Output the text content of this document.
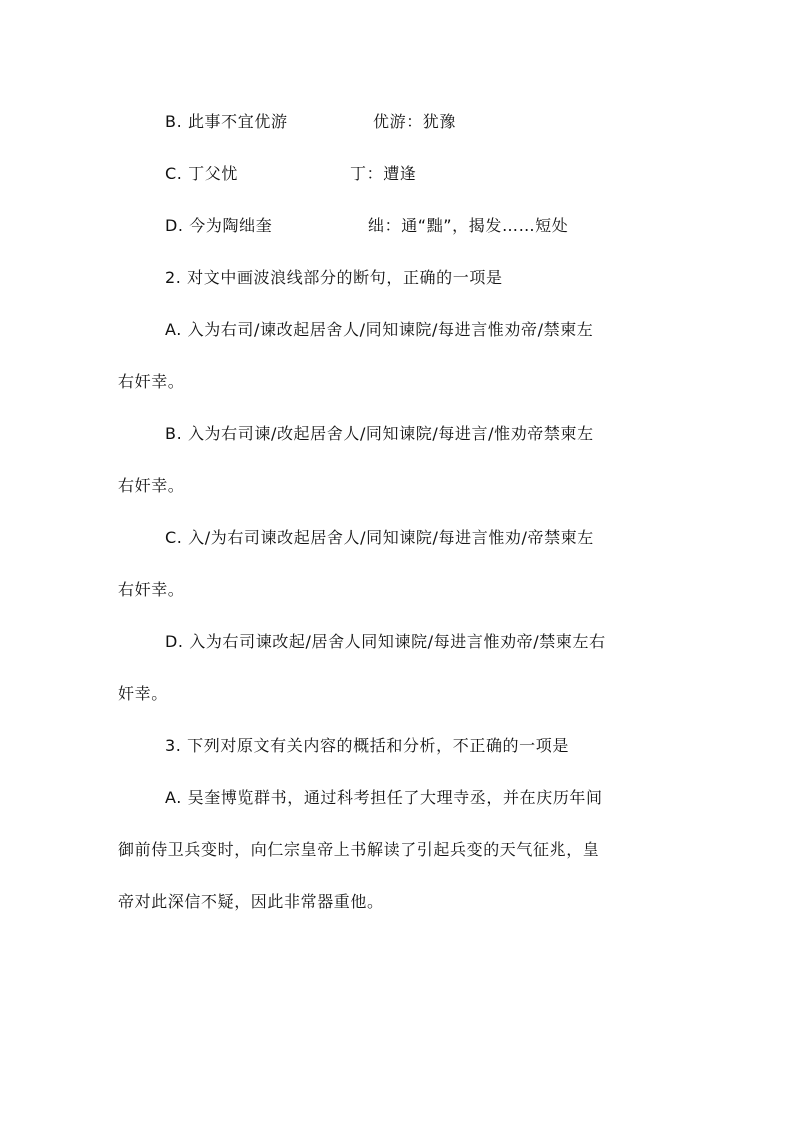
B. 此事不宜优游	优游：犹豫
C. 丁父忧	丁：遭逢
D. 今为陶绌奎	绌：通“黜”，揭发……短处
2. 对文中画波浪线部分的断句，正确的一项是
A. 入为右司/谏改起居舍人/同知谏院/每进言惟劝帝/禁柬左
右奸幸。
B. 入为右司谏/改起居舍人/同知谏院/每进言/惟劝帝禁柬左
右奸幸。
C. 入/为右司谏改起居舍人/同知谏院/每进言惟劝/帝禁柬左
右奸幸。
D. 入为右司谏改起/居舍人同知谏院/每进言惟劝帝/禁柬左右
奸幸。
3. 下列对原文有关内容的概括和分析，不正确的一项是
A. 吴奎博览群书，通过科考担任了大理寺丞，并在庆历年间
御前侍卫兵变时，向仁宗皇帝上书解读了引起兵变的天气征兆，皇
帝对此深信不疑，因此非常器重他。
